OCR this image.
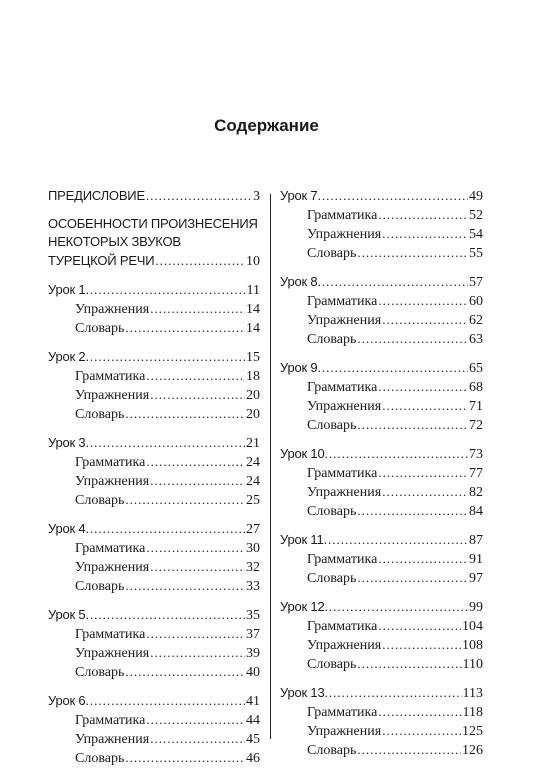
Содержание
ПРЕДИСЛОВИЕ .....	3
ОСОБЕННОСТИ ПРОИЗНЕСЕНИЯ
НЕКОТОРЫХ ЗВУКОВ
ТУРЕЦКОЙ РЕЧИ .....	10
Урок 1. .....	11
Упражнения .....	14
Словарь .....	14
Урок 2. .....	15
Грамматика .....	18
Упражнения .....	20
Словарь .....	20
Урок 3. .....	21
Грамматика .....	24
Упражнения .....	24
Словарь .....	25
Урок 4. .....	27
Грамматика .....	30
Упражнения .....	32
Словарь .....	33
Урок 5. .....	35
Грамматика .....	37
Упражнения .....	39
Словарь .....	40
Урок 6. .....	41
Грамматика .....	44
Упражнения .....	45
Словарь .....	46
Урок 7. .....	49
Грамматика .....	52
Упражнения .....	54
Словарь .....	55
Урок 8. .....	57
Грамматика .....	60
Упражнения .....	62
Словарь .....	63
Урок 9. .....	65
Грамматика .....	68
Упражнения .....	71
Словарь .....	72
Урок 10. .....	73
Грамматика .....	77
Упражнения .....	82
Словарь .....	84
Урок 11. .....	87
Грамматика .....	91
Словарь .....	97
Урок 12. .....	99
Грамматика .....	104
Упражнения .....	108
Словарь .....	110
Урок 13. .....	113
Грамматика .....	118
Упражнения .....	125
Словарь .....	126
